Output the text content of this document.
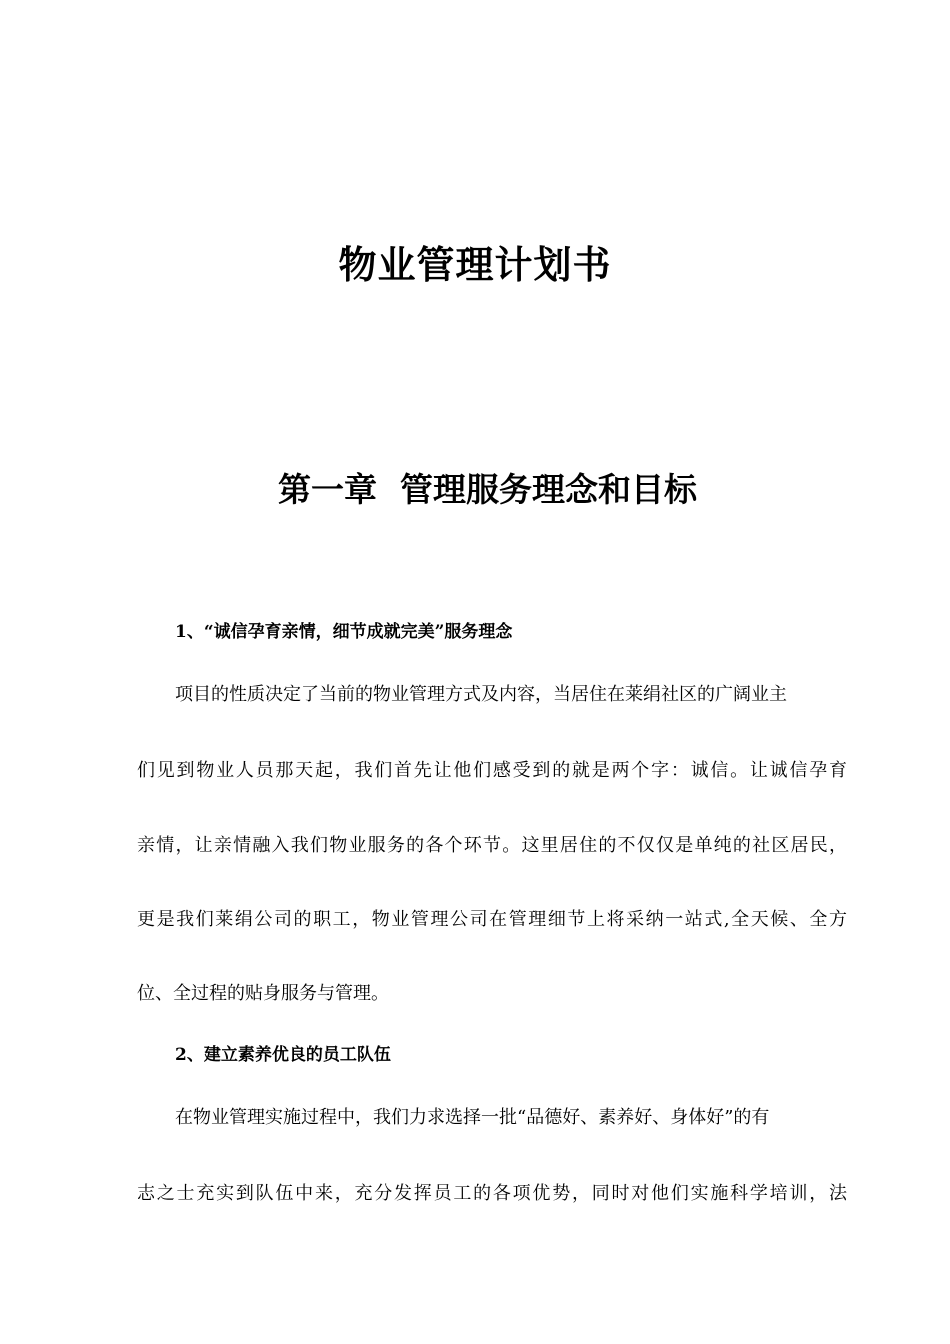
物业管理计划书
第一章  管理服务理念和目标
1、“诚信孕育亲情，细节成就完美”服务理念
项目的性质决定了当前的物业管理方式及内容，当居住在莱绢社区的广阔业主
们见到物业人员那天起，我们首先让他们感受到的就是两个字：诚信。让诚信孕育
亲情，让亲情融入我们物业服务的各个环节。这里居住的不仅仅是单纯的社区居民，
更是我们莱绢公司的职工，物业管理公司在管理细节上将采纳一站式,全天候、全方
位、全过程的贴身服务与管理。
2、建立素养优良的员工队伍
在物业管理实施过程中，我们力求选择一批“品德好、素养好、身体好”的有
志之士充实到队伍中来，充分发挥员工的各项优势，同时对他们实施科学培训，法
